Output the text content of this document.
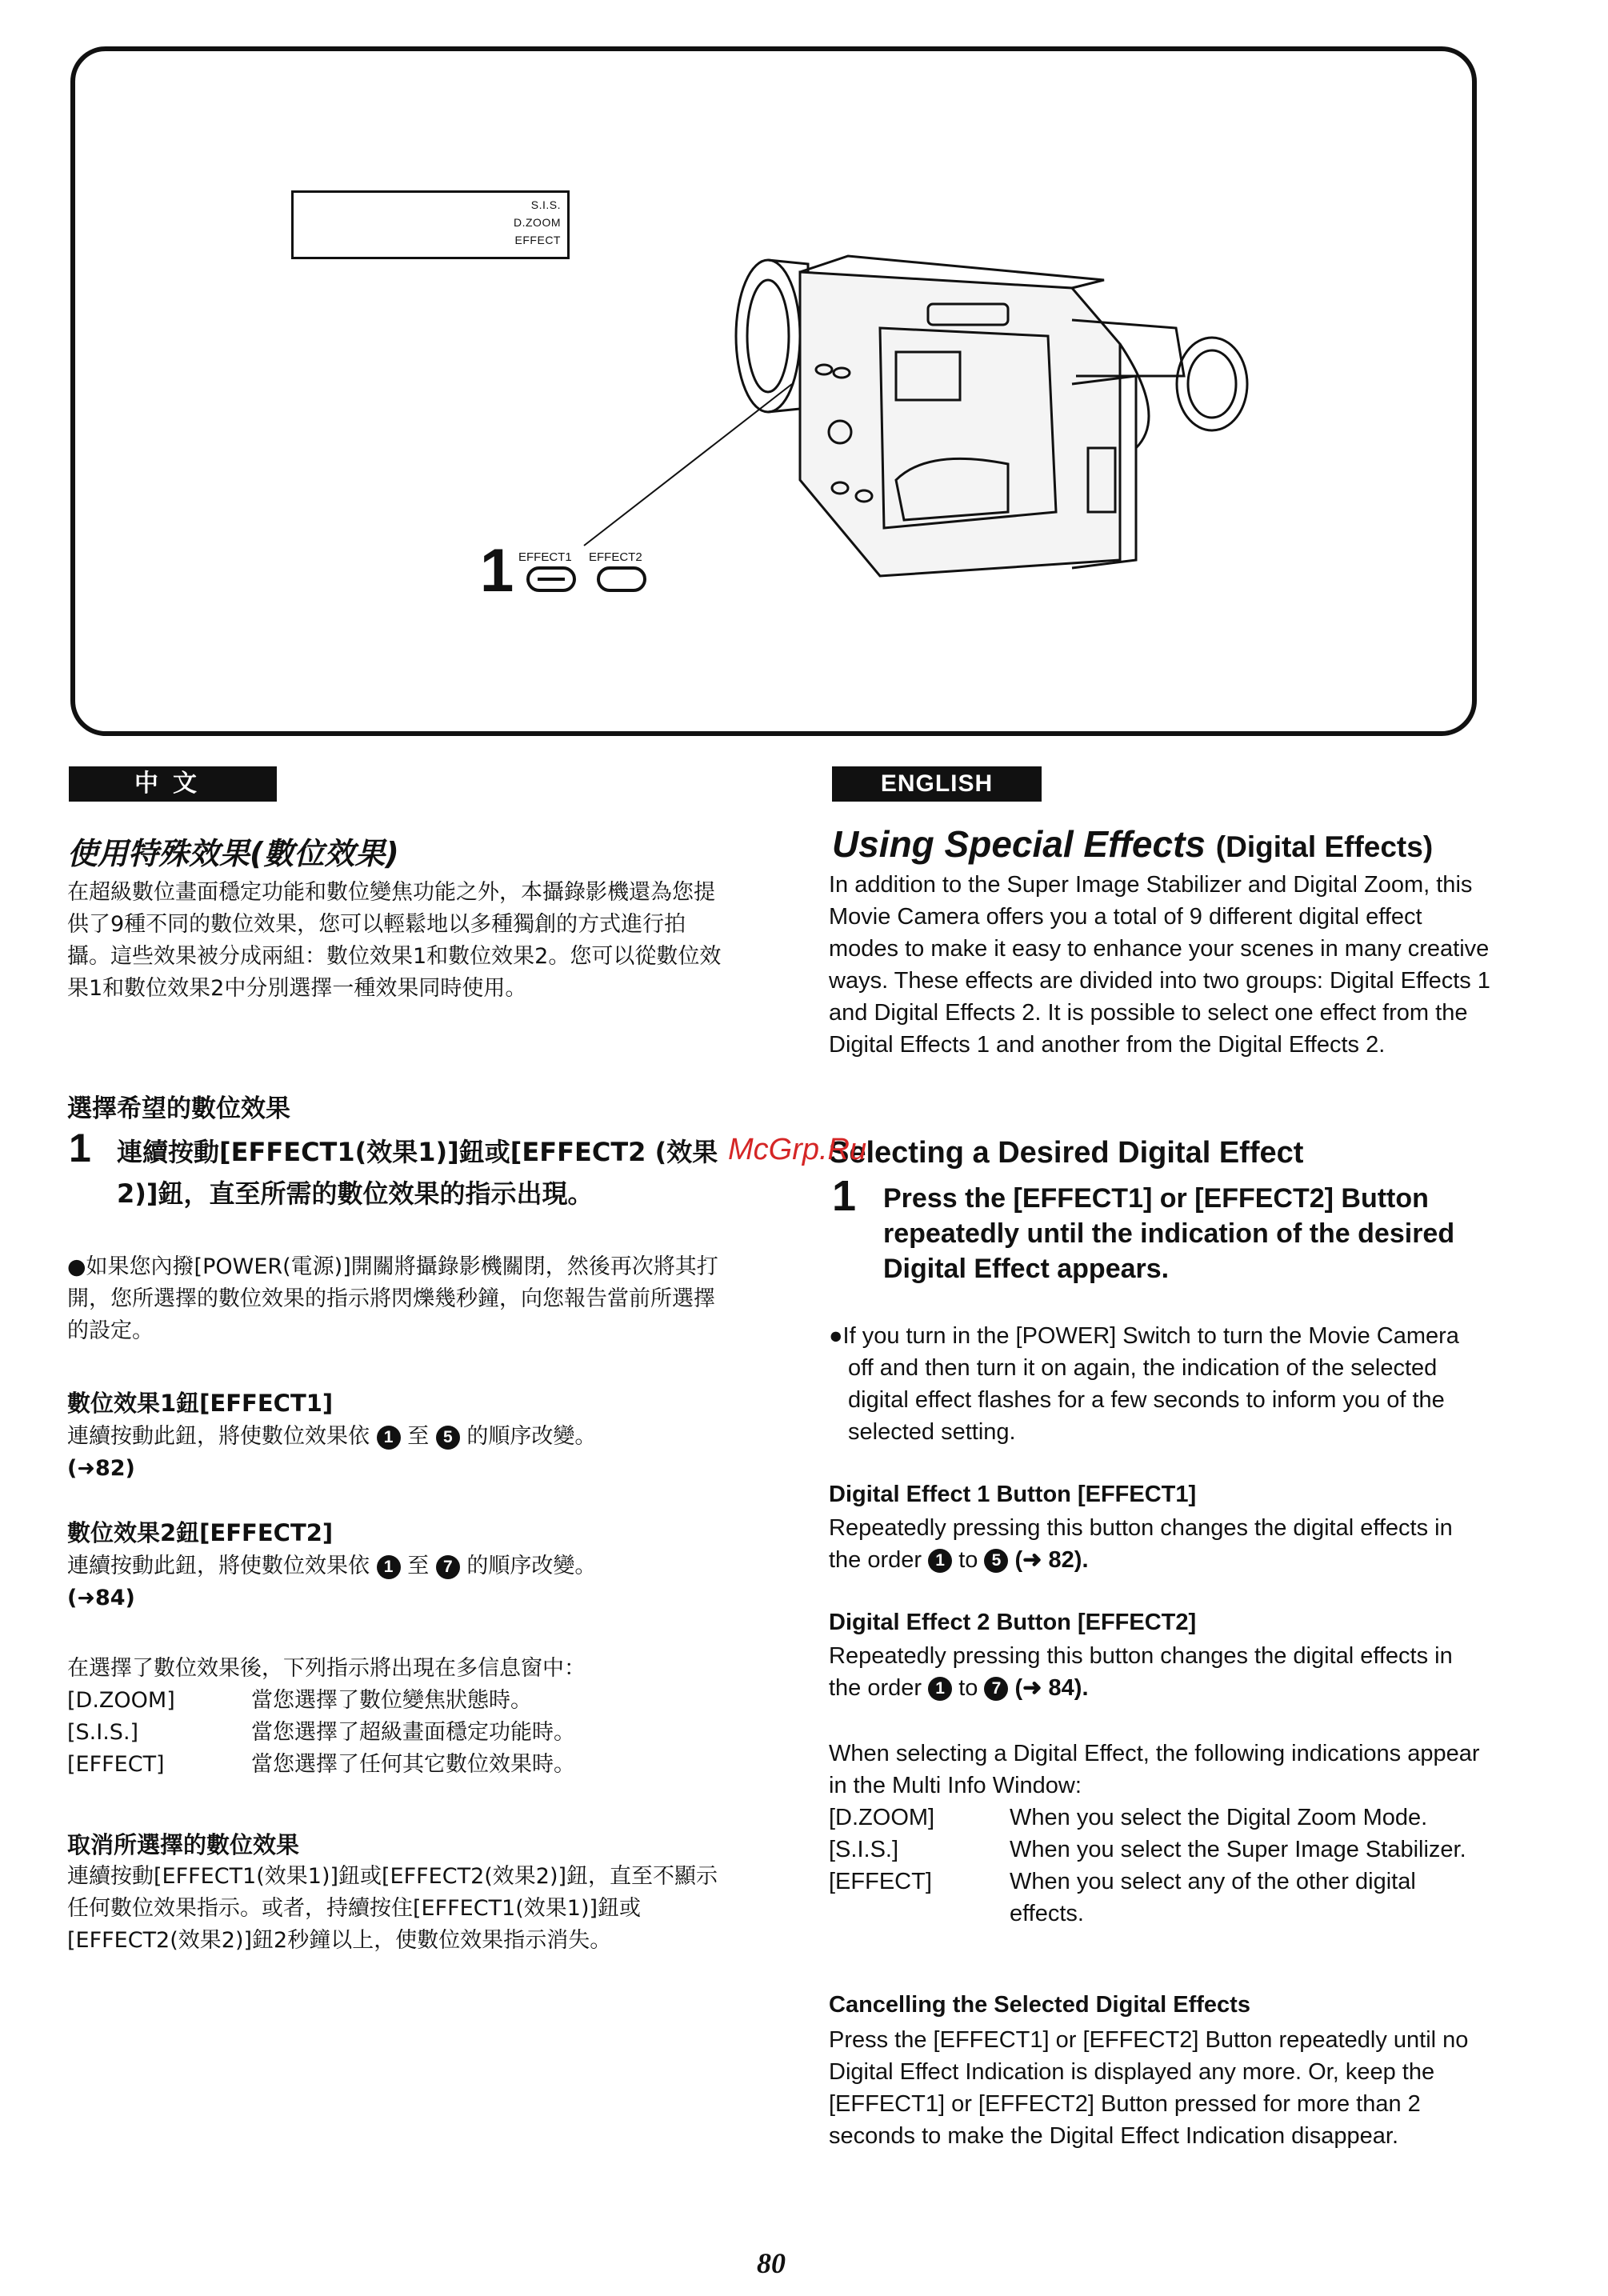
S.I.S.
D.ZOOM
EFFECT
1 EFFECT1 EFFECT2
中文
使用特殊效果(數位效果)
在超級數位畫面穩定功能和數位變焦功能之外，本攝錄影機還為您提供了9種不同的數位效果，您可以輕鬆地以多種獨創的方式進行拍攝。這些效果被分成兩組：數位效果1和數位效果2。您可以從數位效果1和數位效果2中分別選擇一種效果同時使用。
選擇希望的數位效果
1 連續按動[EFFECT1(效果1)]鈕或[EFFECT2 (效果2)]鈕，直至所需的數位效果的指示出現。
●如果您內撥[POWER(電源)]開關將攝錄影機關閉，然後再次將其打開，您所選擇的數位效果的指示將閃爍幾秒鐘，向您報告當前所選擇的設定。
數位效果1鈕[EFFECT1]
連續按動此鈕，將使數位效果依 1 至 5 的順序改變。
(➜82)
數位效果2鈕[EFFECT2]
連續按動此鈕，將使數位效果依 1 至 7 的順序改變。
(➜84)
在選擇了數位效果後，下列指示將出現在多信息窗中：
[D.ZOOM]	當您選擇了數位變焦狀態時。
[S.I.S.]	當您選擇了超級畫面穩定功能時。
[EFFECT]	當您選擇了任何其它數位效果時。
取消所選擇的數位效果
連續按動[EFFECT1(效果1)]鈕或[EFFECT2(效果2)]鈕，直至不顯示任何數位效果指示。或者，持續按住[EFFECT1(效果1)]鈕或[EFFECT2(效果2)]鈕2秒鐘以上，使數位效果指示消失。
ENGLISH
Using Special Effects (Digital Effects)
In addition to the Super Image Stabilizer and Digital Zoom, this Movie Camera offers you a total of 9 different digital effect modes to make it easy to enhance your scenes in many creative ways. These effects are divided into two groups: Digital Effects 1 and Digital Effects 2. It is possible to select one effect from the Digital Effects 1 and another from the Digital Effects 2.
Selecting a Desired Digital Effect
McGrp.Ru
1 Press the [EFFECT1] or [EFFECT2] Button repeatedly until the indication of the desired Digital Effect appears.
●If you turn in the [POWER] Switch to turn the Movie Camera off and then turn it on again, the indication of the selected digital effect flashes for a few seconds to inform you of the selected setting.
Digital Effect 1 Button [EFFECT1]
Repeatedly pressing this button changes the digital effects in the order 1 to 5 (➜ 82).
Digital Effect 2 Button [EFFECT2]
Repeatedly pressing this button changes the digital effects in the order 1 to 7 (➜ 84).
When selecting a Digital Effect, the following indications appear in the Multi Info Window:
[D.ZOOM]	When you select the Digital Zoom Mode.
[S.I.S.]	When you select the Super Image Stabilizer.
[EFFECT]	When you select any of the other digital effects.
Cancelling the Selected Digital Effects
Press the [EFFECT1] or [EFFECT2] Button repeatedly until no Digital Effect Indication is displayed any more. Or, keep the [EFFECT1] or [EFFECT2] Button pressed for more than 2 seconds to make the Digital Effect Indication disappear.
80
